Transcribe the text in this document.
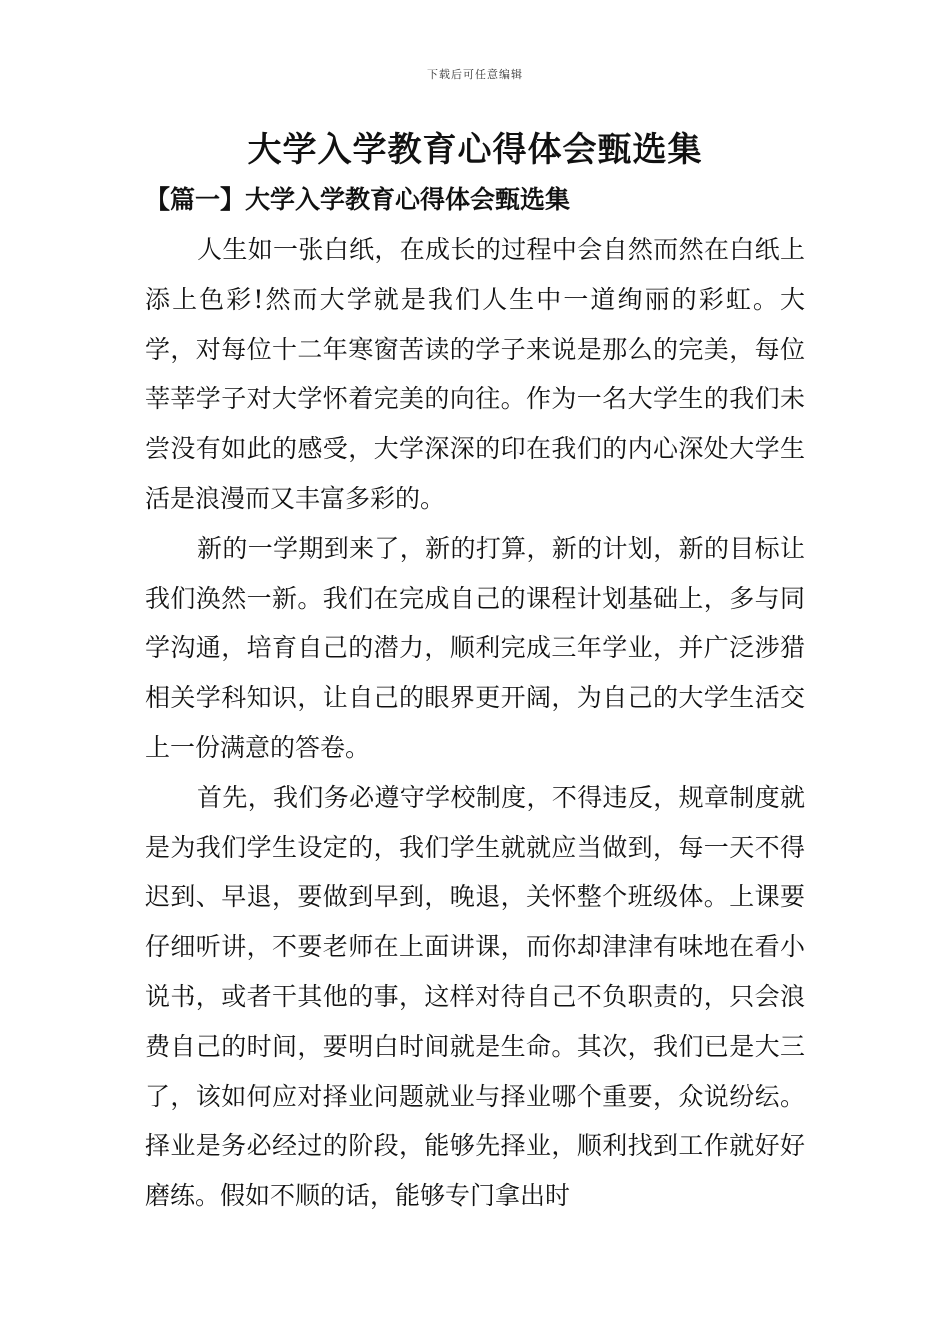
下载后可任意编辑
大学入学教育心得体会甄选集
【篇一】大学入学教育心得体会甄选集

人生如一张白纸，在成长的过程中会自然而然在白纸上添上色彩!然而大学就是我们人生中一道绚丽的彩虹。大学，对每位十二年寒窗苦读的学子来说是那么的完美，每位莘莘学子对大学怀着完美的向往。作为一名大学生的我们未尝没有如此的感受，大学深深的印在我们的内心深处大学生活是浪漫而又丰富多彩的。

新的一学期到来了，新的打算，新的计划，新的目标让我们涣然一新。我们在完成自己的课程计划基础上，多与同学沟通，培育自己的潜力，顺利完成三年学业，并广泛涉猎相关学科知识，让自己的眼界更开阔，为自己的大学生活交上一份满意的答卷。

首先，我们务必遵守学校制度，不得违反，规章制度就是为我们学生设定的，我们学生就就应当做到，每一天不得迟到、早退，要做到早到，晚退，关怀整个班级体。上课要仔细听讲，不要老师在上面讲课，而你却津津有味地在看小说书，或者干其他的事，这样对待自己不负职责的，只会浪费自己的时间，要明白时间就是生命。其次，我们已是大三了，该如何应对择业问题就业与择业哪个重要，众说纷纭。择业是务必经过的阶段，能够先择业，顺利找到工作就好好磨练。假如不顺的话，能够专门拿出时
